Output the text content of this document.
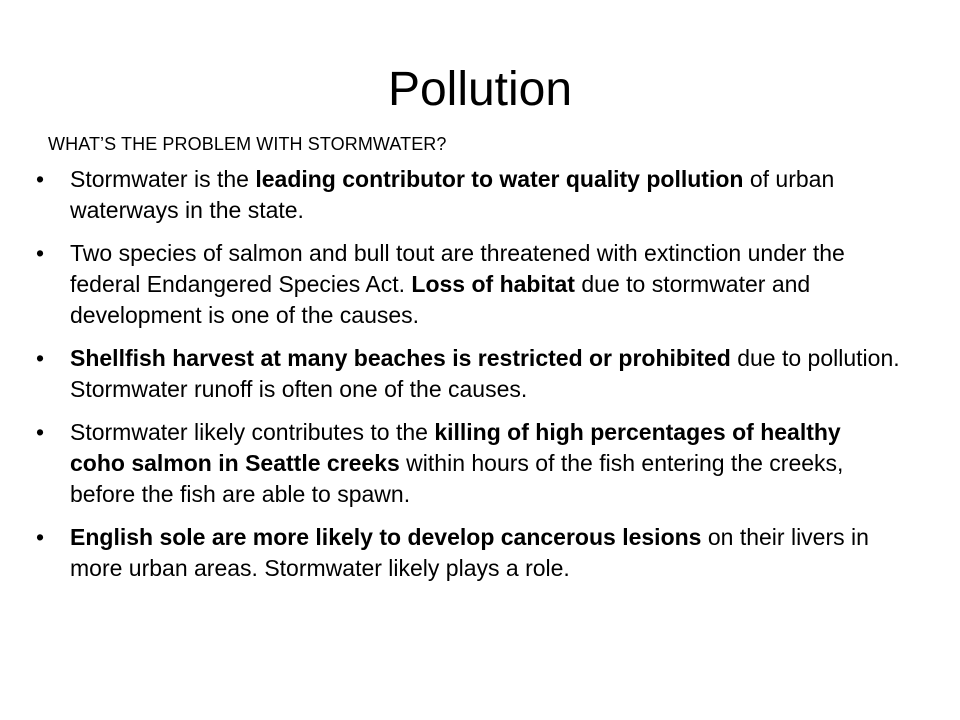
Pollution

WHAT’S THE PROBLEM WITH STORMWATER?

• Stormwater is the leading contributor to water quality pollution of urban waterways in the state.
• Two species of salmon and bull tout are threatened with extinction under the federal Endangered Species Act. Loss of habitat due to stormwater and development is one of the causes.
• Shellfish harvest at many beaches is restricted or prohibited due to pollution. Stormwater runoff is often one of the causes.
• Stormwater likely contributes to the killing of high percentages of healthy coho salmon in Seattle creeks within hours of the fish entering the creeks, before the fish are able to spawn.
• English sole are more likely to develop cancerous lesions on their livers in more urban areas. Stormwater likely plays a role.
